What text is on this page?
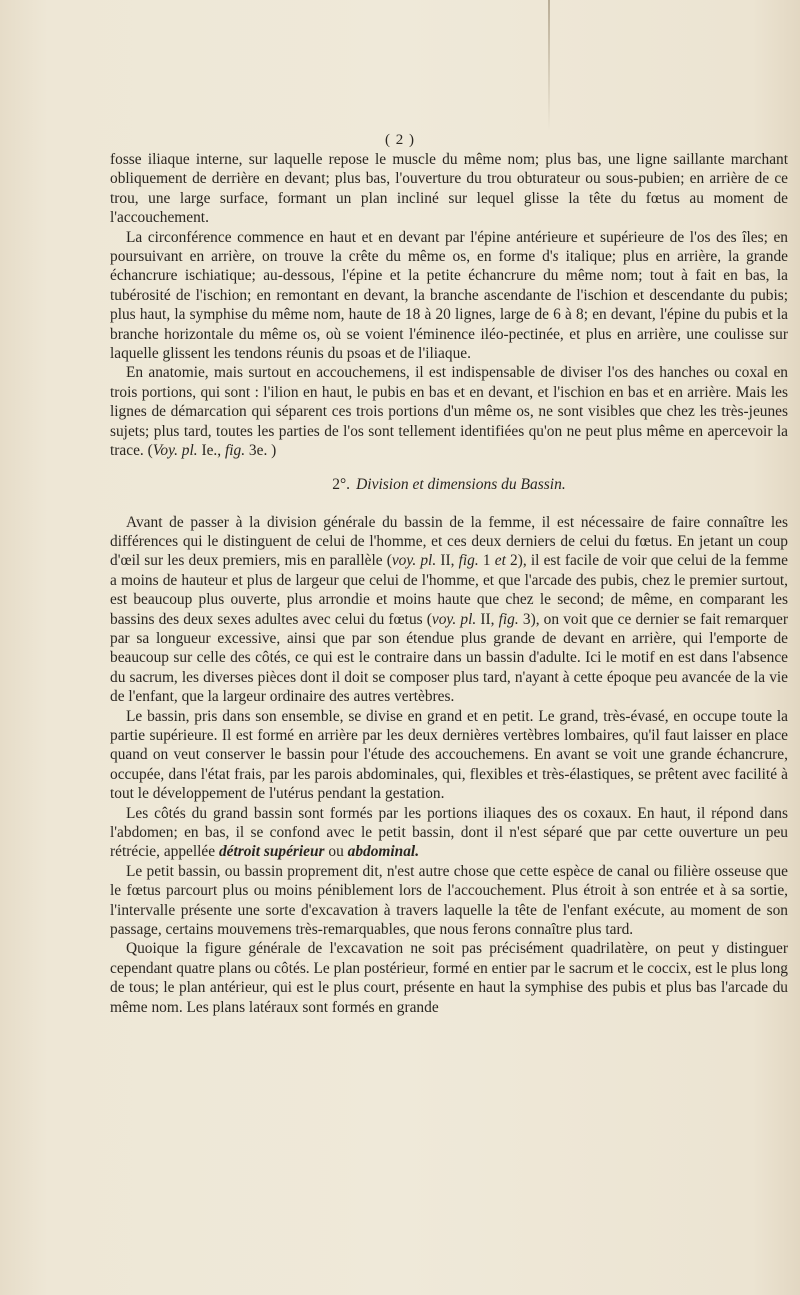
( 2 )

fosse iliaque interne, sur laquelle repose le muscle du même nom; plus bas, une ligne saillante marchant obliquement de derrière en devant; plus bas, l'ouverture du trou obturateur ou sous-pubien; en arrière de ce trou, une large surface, formant un plan incliné sur lequel glisse la tête du fœtus au moment de l'accouchement.

La circonférence commence en haut et en devant par l'épine antérieure et supérieure de l'os des îles; en poursuivant en arrière, on trouve la crête du même os, en forme d's italique; plus en arrière, la grande échancrure ischiatique; au-dessous, l'épine et la petite échancrure du même nom; tout à fait en bas, la tubérosité de l'ischion; en remontant en devant, la branche ascendante de l'ischion et descendante du pubis; plus haut, la symphise du même nom, haute de 18 à 20 lignes, large de 6 à 8; en devant, l'épine du pubis et la branche horizontale du même os, où se voient l'éminence iléo-pectinée, et plus en arrière, une coulisse sur laquelle glissent les tendons réunis du psoas et de l'iliaque.

En anatomie, mais surtout en accouchemens, il est indispensable de diviser l'os des hanches ou coxal en trois portions, qui sont : l'ilion en haut, le pubis en bas et en devant, et l'ischion en bas et en arrière. Mais les lignes de démarcation qui séparent ces trois portions d'un même os, ne sont visibles que chez les très-jeunes sujets; plus tard, toutes les parties de l'os sont tellement identifiées qu'on ne peut plus même en apercevoir la trace. (Voy. pl. Ie., fig. 3e. )

2°. Division et dimensions du Bassin.

Avant de passer à la division générale du bassin de la femme, il est nécessaire de faire connaître les différences qui le distinguent de celui de l'homme, et ces deux derniers de celui du fœtus. En jetant un coup d'œil sur les deux premiers, mis en parallèle (voy. pl. II, fig. 1 et 2), il est facile de voir que celui de la femme a moins de hauteur et plus de largeur que celui de l'homme, et que l'arcade des pubis, chez le premier surtout, est beaucoup plus ouverte, plus arrondie et moins haute que chez le second; de même, en comparant les bassins des deux sexes adultes avec celui du fœtus (voy. pl. II, fig. 3), on voit que ce dernier se fait remarquer par sa longueur excessive, ainsi que par son étendue plus grande de devant en arrière, qui l'emporte de beaucoup sur celle des côtés, ce qui est le contraire dans un bassin d'adulte. Ici le motif en est dans l'absence du sacrum, les diverses pièces dont il doit se composer plus tard, n'ayant à cette époque peu avancée de la vie de l'enfant, que la largeur ordinaire des autres vertèbres.

Le bassin, pris dans son ensemble, se divise en grand et en petit. Le grand, très-évasé, en occupe toute la partie supérieure. Il est formé en arrière par les deux dernières vertèbres lombaires, qu'il faut laisser en place quand on veut conserver le bassin pour l'étude des accouchemens. En avant se voit une grande échancrure, occupée, dans l'état frais, par les parois abdominales, qui, flexibles et très-élastiques, se prêtent avec facilité à tout le développement de l'utérus pendant la gestation.

Les côtés du grand bassin sont formés par les portions iliaques des os coxaux. En haut, il répond dans l'abdomen; en bas, il se confond avec le petit bassin, dont il n'est séparé que par cette ouverture un peu rétrécie, appellée détroit supérieur ou abdominal.

Le petit bassin, ou bassin proprement dit, n'est autre chose que cette espèce de canal ou filière osseuse que le fœtus parcourt plus ou moins péniblement lors de l'accouchement. Plus étroit à son entrée et à sa sortie, l'intervalle présente une sorte d'excavation à travers laquelle la tête de l'enfant exécute, au moment de son passage, certains mouvemens très-remarquables, que nous ferons connaître plus tard.

Quoique la figure générale de l'excavation ne soit pas précisément quadrilatère, on peut y distinguer cependant quatre plans ou côtés. Le plan postérieur, formé en entier par le sacrum et le coccix, est le plus long de tous; le plan antérieur, qui est le plus court, présente en haut la symphise des pubis et plus bas l'arcade du même nom. Les plans latéraux sont formés en grande
